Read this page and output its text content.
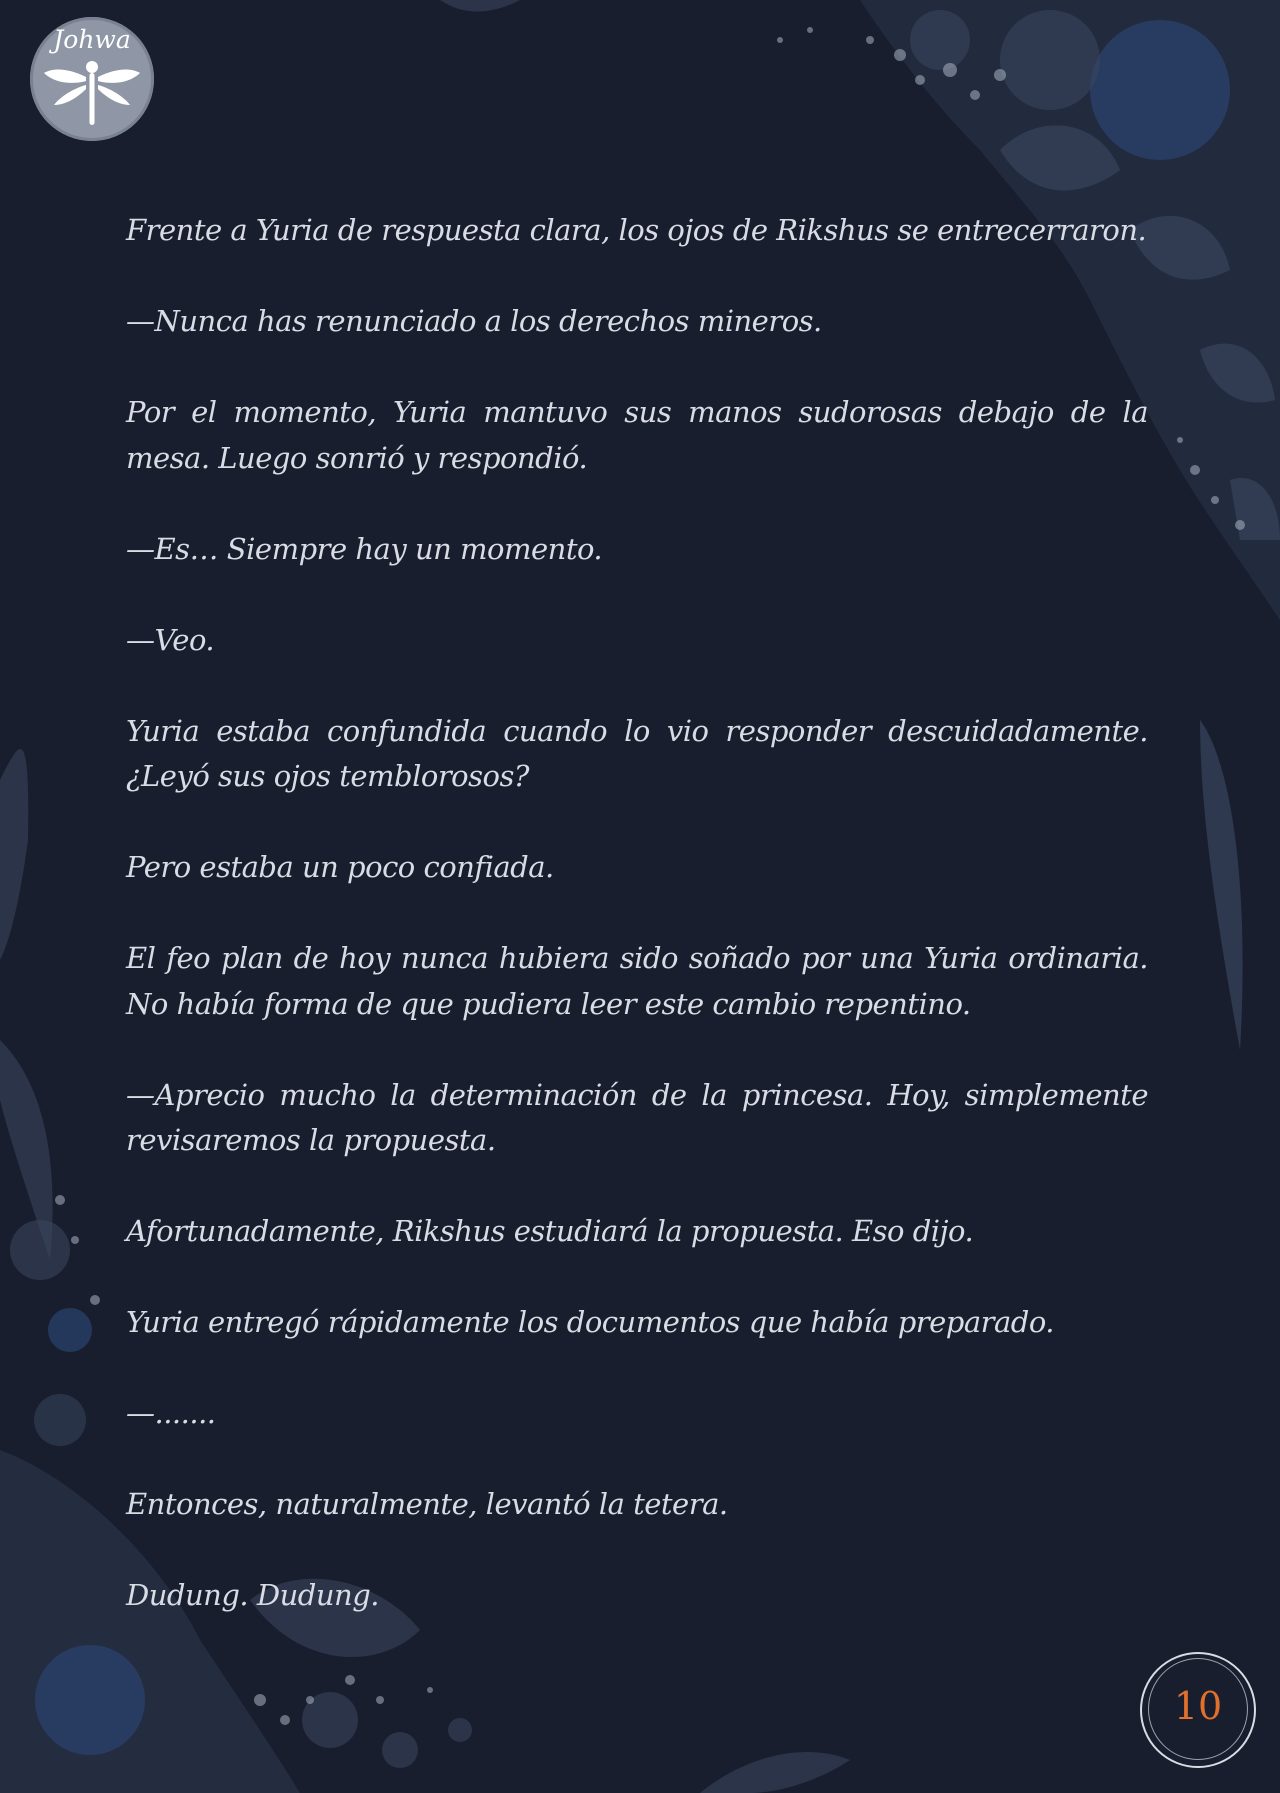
Johwa

Frente a Yuria de respuesta clara, los ojos de Rikshus se entrecerraron.

—Nunca has renunciado a los derechos mineros.

Por el momento, Yuria mantuvo sus manos sudorosas debajo de la mesa. Luego sonrió y respondió.

—Es… Siempre hay un momento.

—Veo.

Yuria estaba confundida cuando lo vio responder descuidadamente. ¿Leyó sus ojos temblorosos?

Pero estaba un poco confiada.

El feo plan de hoy nunca hubiera sido soñado por una Yuria ordinaria. No había forma de que pudiera leer este cambio repentino.

—Aprecio mucho la determinación de la princesa. Hoy, simplemente revisaremos la propuesta.

Afortunadamente, Rikshus estudiará la propuesta. Eso dijo.

Yuria entregó rápidamente los documentos que había preparado.

—.......

Entonces, naturalmente, levantó la tetera.

Dudung. Dudung.

10
